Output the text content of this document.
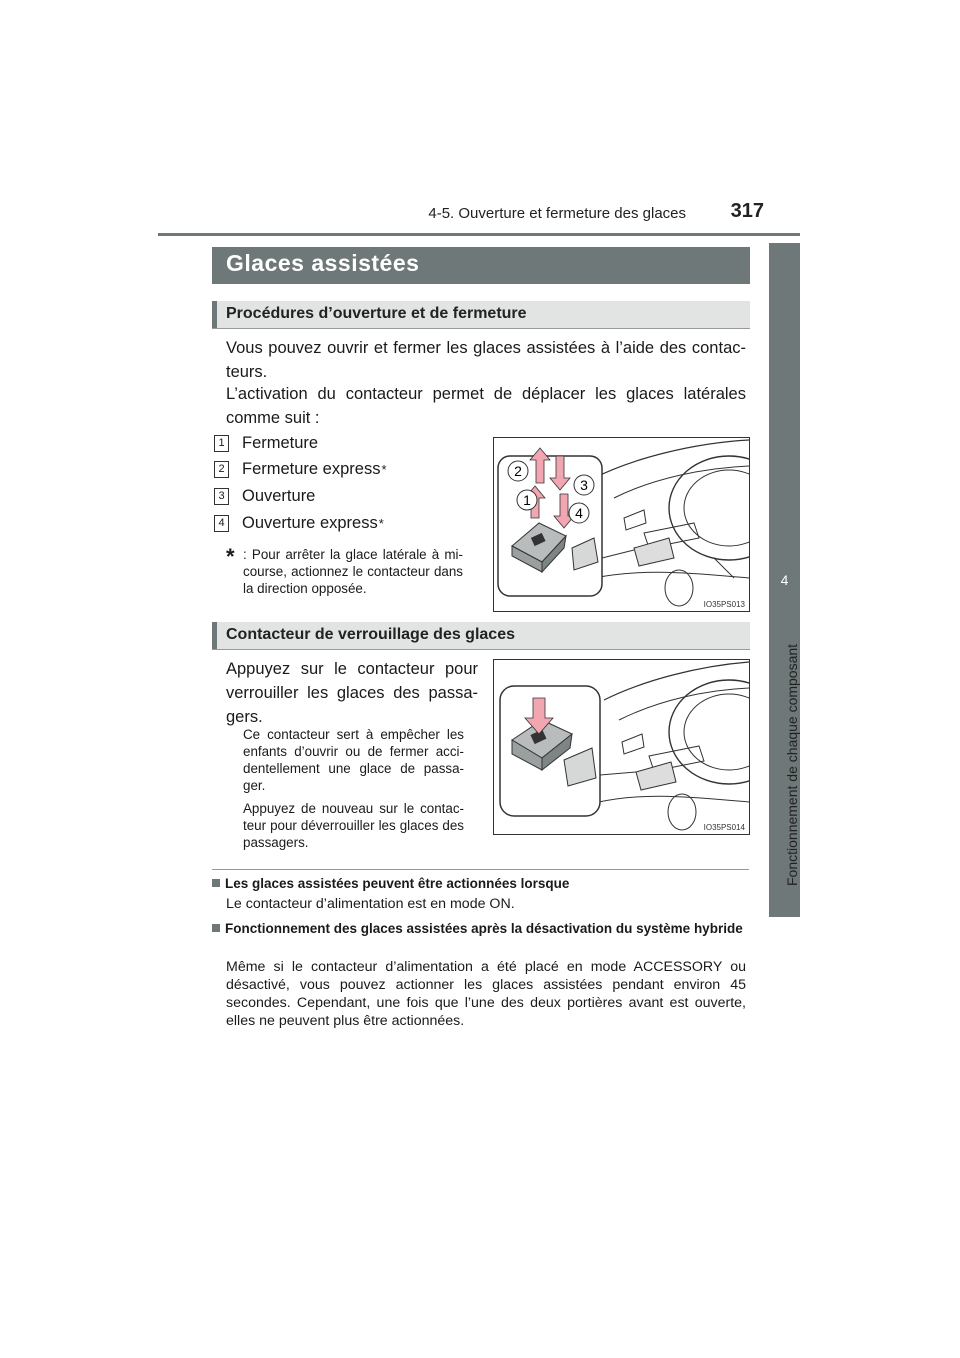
4-5. Ouverture et fermeture des glaces	317
4
Fonctionnement de chaque composant
Glaces assistées
Procédures d’ouverture et de fermeture
Vous pouvez ouvrir et fermer les glaces assistées à l’aide des contac-teurs.
L’activation du contacteur permet de déplacer les glaces latérales comme suit :
1 Fermeture
2 Fermeture express *
3 Ouverture
4 Ouverture express *
* : Pour arrêter la glace latérale à mi-course, actionnez le contacteur dans la direction opposée.
2
3
1
4
IO35PS013
Contacteur de verrouillage des glaces
Appuyez sur le contacteur pour verrouiller les glaces des passa-gers.
Ce contacteur sert à empêcher les enfants d’ouvrir ou de fermer acci-dentellement une glace de passa-ger.
Appuyez de nouveau sur le contac-teur pour déverrouiller les glaces des passagers.
IO35PS014
Les glaces assistées peuvent être actionnées lorsque
Le contacteur d’alimentation est en mode ON.
Fonctionnement des glaces assistées après la désactivation du système hybride
Même si le contacteur d’alimentation a été placé en mode ACCESSORY ou désactivé, vous pouvez actionner les glaces assistées pendant environ 45 secondes. Cependant, une fois que l’une des deux portières avant est ouverte, elles ne peuvent plus être actionnées.
